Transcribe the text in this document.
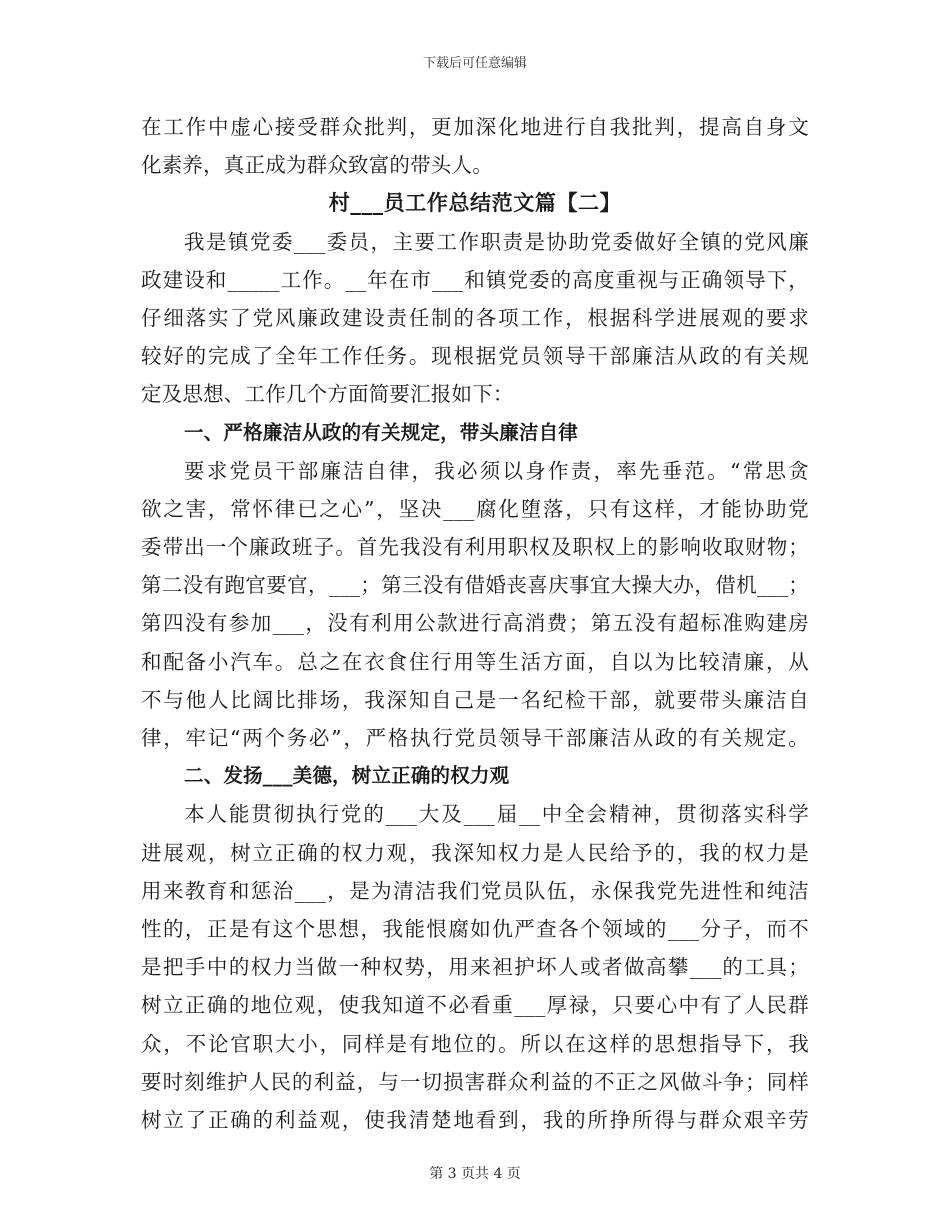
下载后可任意编辑
在工作中虚心接受群众批判，更加深化地进行自我批判，提高自身文
化素养，真正成为群众致富的带头人。
村___员工作总结范文篇【二】
我是镇党委___委员，主要工作职责是协助党委做好全镇的党风廉
政建设和_____工作。__年在市___和镇党委的高度重视与正确领导下，
仔细落实了党风廉政建设责任制的各项工作，根据科学进展观的要求
较好的完成了全年工作任务。现根据党员领导干部廉洁从政的有关规
定及思想、工作几个方面简要汇报如下：
一、严格廉洁从政的有关规定，带头廉洁自律
要求党员干部廉洁自律，我必须以身作责，率先垂范。“常思贪
欲之害，常怀律已之心”，坚决___腐化堕落，只有这样，才能协助党
委带出一个廉政班子。首先我没有利用职权及职权上的影响收取财物；
第二没有跑官要官，___；第三没有借婚丧喜庆事宜大操大办，借机___；
第四没有参加___，没有利用公款进行高消费；第五没有超标准购建房
和配备小汽车。总之在衣食住行用等生活方面，自以为比较清廉，从
不与他人比阔比排场，我深知自己是一名纪检干部，就要带头廉洁自
律，牢记“两个务必”，严格执行党员领导干部廉洁从政的有关规定。
二、发扬___美德，树立正确的权力观
本人能贯彻执行党的___大及___届__中全会精神，贯彻落实科学
进展观，树立正确的权力观，我深知权力是人民给予的，我的权力是
用来教育和惩治___，是为清洁我们党员队伍，永保我党先进性和纯洁
性的，正是有这个思想，我能恨腐如仇严查各个领域的___分子，而不
是把手中的权力当做一种权势，用来袒护坏人或者做高攀___的工具；
树立正确的地位观，使我知道不必看重___厚禄，只要心中有了人民群
众，不论官职大小，同样是有地位的。所以在这样的思想指导下，我
要时刻维护人民的利益，与一切损害群众利益的不正之风做斗争；同样
树立了正确的利益观，使我清楚地看到，我的所挣所得与群众艰辛劳
第 3 页共 4 页
